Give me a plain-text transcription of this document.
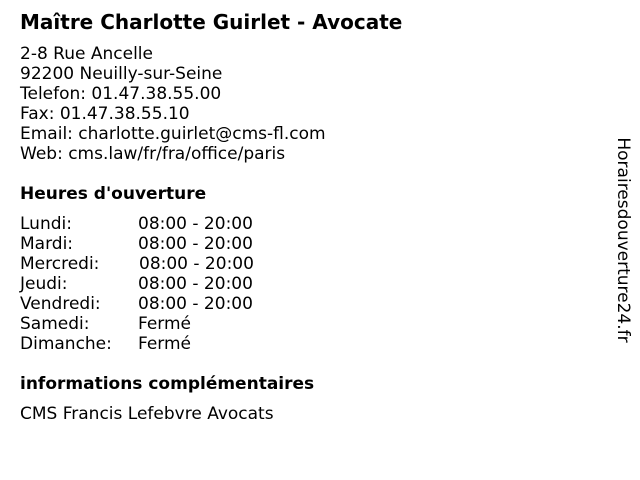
Maître Charlotte Guirlet - Avocate
2-8 Rue Ancelle
92200 Neuilly-sur-Seine
Telefon: 01.47.38.55.00
Fax: 01.47.38.55.10
Email: charlotte.guirlet@cms-fl.com
Web: cms.law/fr/fra/office/paris
Heures d'ouverture
Lundi:	08:00 - 20:00
Mardi:	08:00 - 20:00
Mercredi: 08:00 - 20:00
Jeudi:	08:00 - 20:00
Vendredi: 08:00 - 20:00
Samedi:	Fermé
Dimanche: Fermé
informations complémentaires
CMS Francis Lefebvre Avocats
Horairesdouverture24.fr
